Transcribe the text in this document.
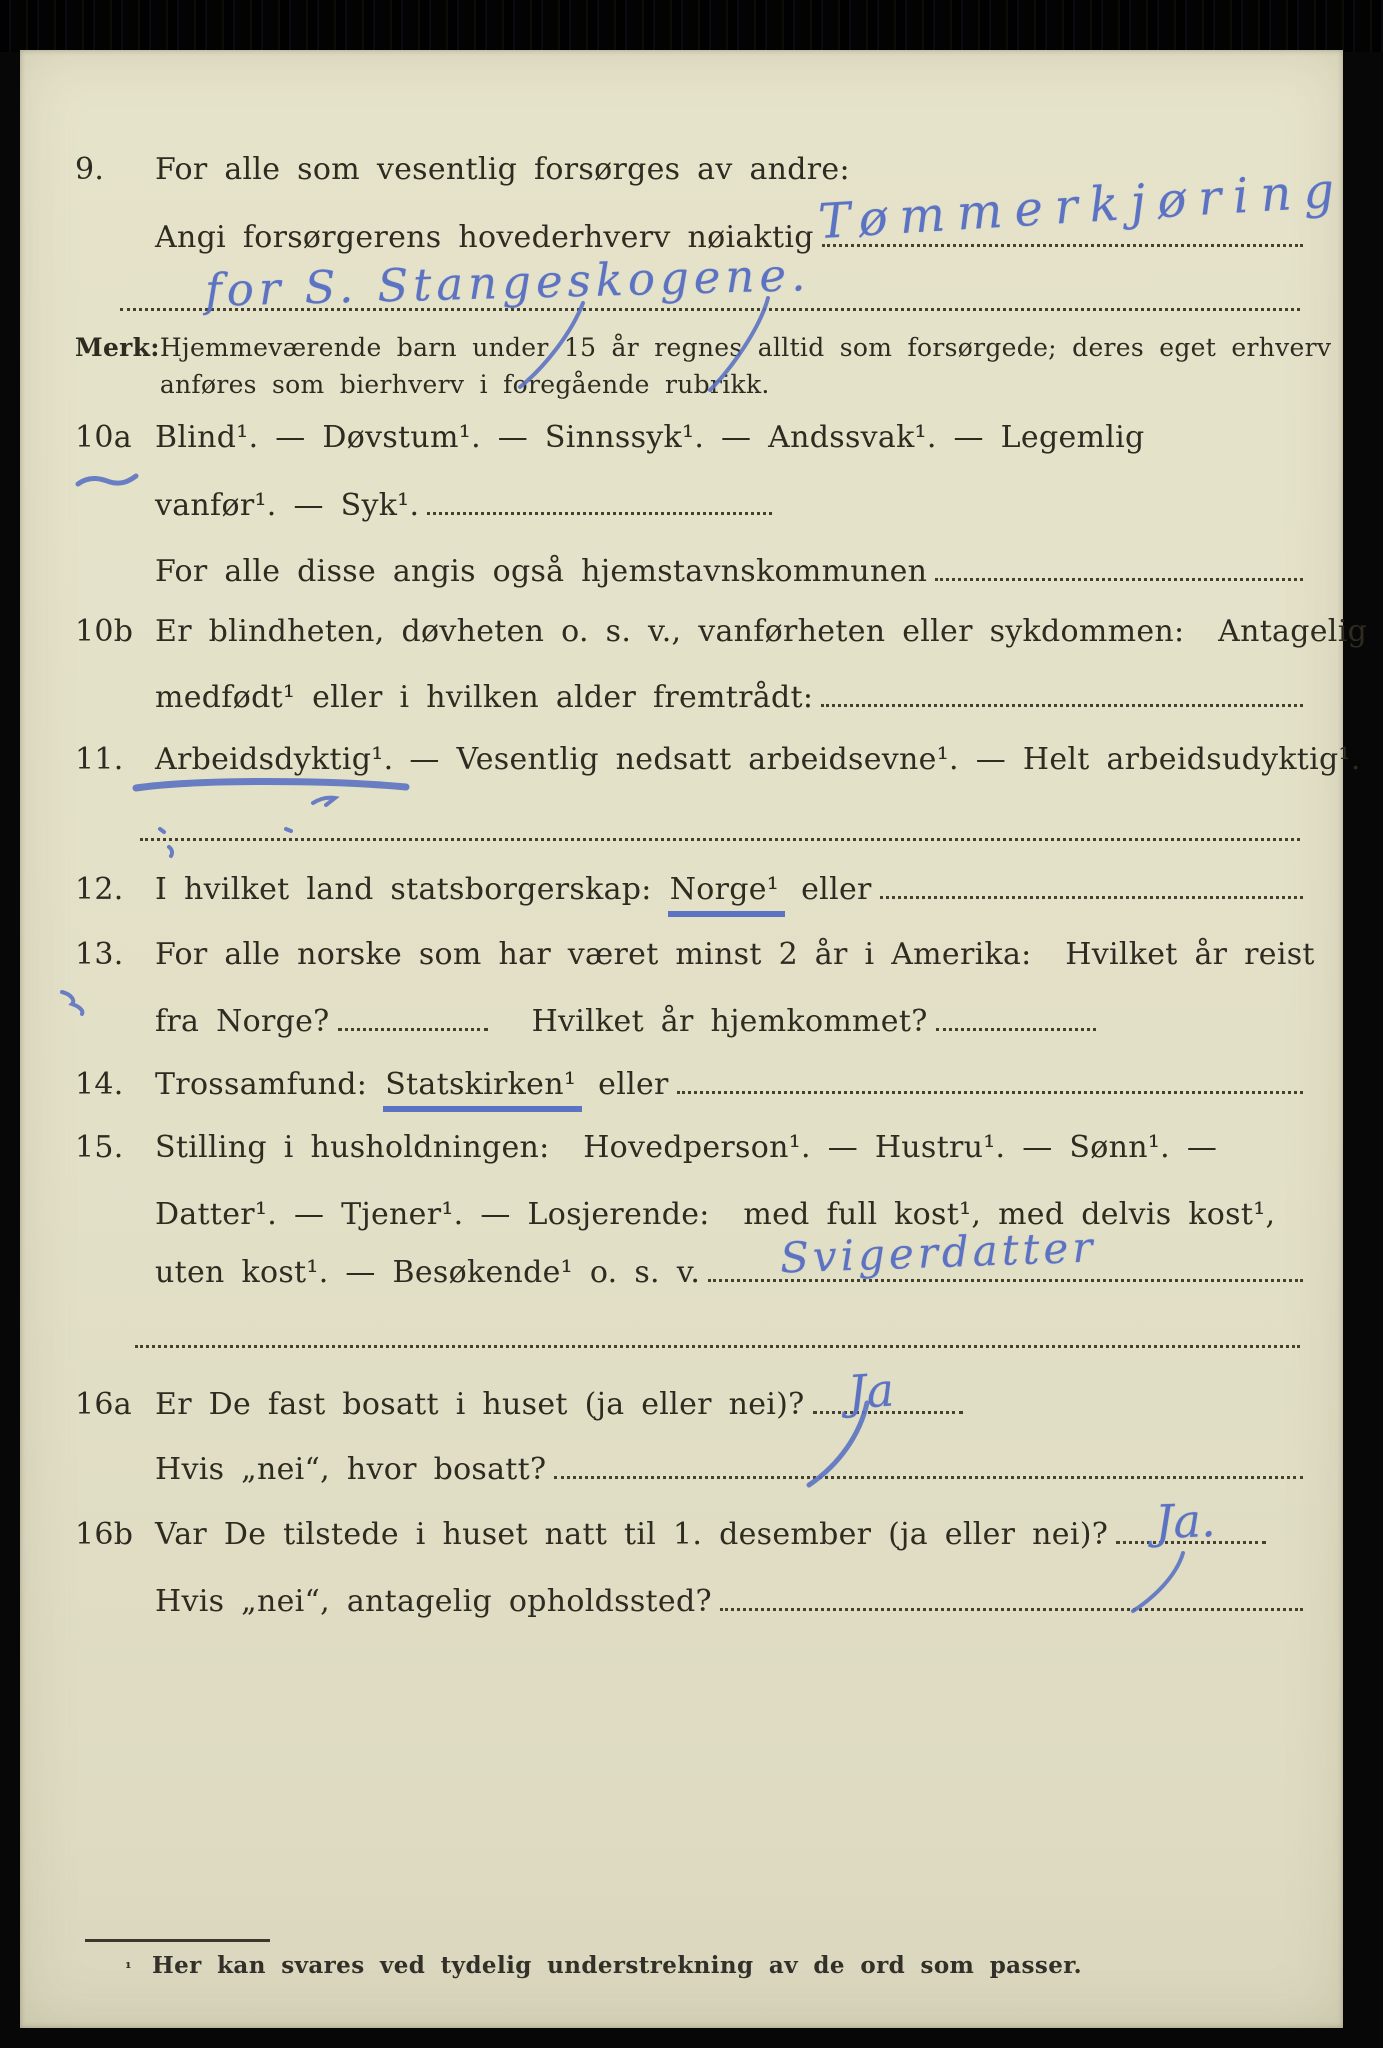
9.	For alle som vesentlig forsørges av andre:
Angi forsørgerens hovederhverv nøiaktig Tømmerkjøring
for S. Stangeskogene.
Merk: Hjemmeværende barn under 15 år regnes alltid som forsørgede; deres eget erhverv
anføres som bierhverv i foregående rubrikk.
10a Blind¹. — Døvstum¹. — Sinnssyk¹. — Andssvak¹. — Legemlig
vanfør¹. — Syk¹.
For alle disse angis også hjemstavnskommunen
10b Er blindheten, døvheten o. s. v., vanførheten eller sykdommen:  Antagelig
medfødt¹ eller i hvilken alder fremtrådt:
11.	Arbeidsdyktig¹. — Vesentlig nedsatt arbeidsevne¹. — Helt arbeidsudyktig¹.
12.	I hvilket land statsborgerskap: Norge¹ eller
13.	For alle norske som har været minst 2 år i Amerika:  Hvilket år reist
fra Norge?	Hvilket år hjemkommet?
14.	Trossamfund: Statskirken¹ eller
15.	Stilling i husholdningen:  Hovedperson¹. — Hustru¹. — Sønn¹. —
Datter¹. — Tjener¹. — Losjerende:  med full kost¹, med delvis kost¹,
uten kost¹. — Besøkende¹ o. s. v. Svigerdatter
16a Er De fast bosatt i huset (ja eller nei)? Ja
Hvis „nei“, hvor bosatt?
16b Var De tilstede i huset natt til 1. desember (ja eller nei)? Ja.
Hvis „nei“, antagelig opholdssted?
¹ Her kan svares ved tydelig understrekning av de ord som passer.
